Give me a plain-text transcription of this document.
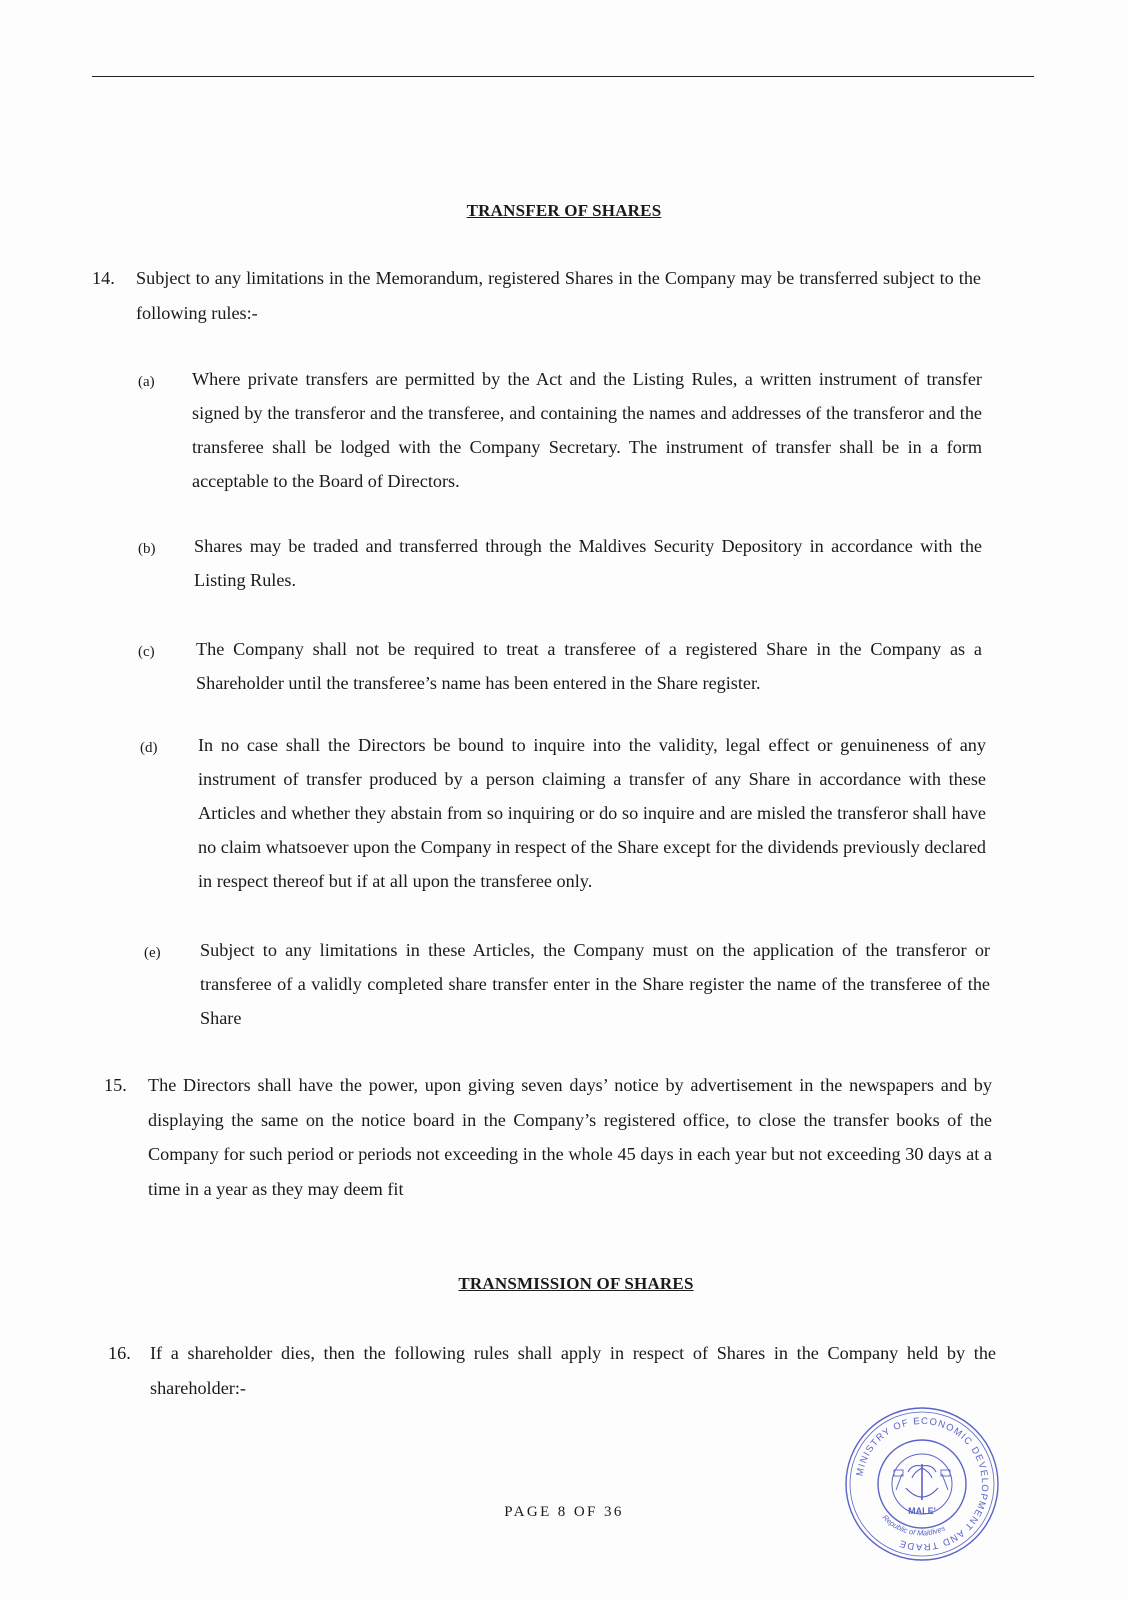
TRANSFER OF SHARES
14. Subject to any limitations in the Memorandum, registered Shares in the Company may be transferred subject to the following rules:-
(a) Where private transfers are permitted by the Act and the Listing Rules, a written instrument of transfer signed by the transferor and the transferee, and containing the names and addresses of the transferor and the transferee shall be lodged with the Company Secretary. The instrument of transfer shall be in a form acceptable to the Board of Directors.
(b) Shares may be traded and transferred through the Maldives Security Depository in accordance with the Listing Rules.
(c) The Company shall not be required to treat a transferee of a registered Share in the Company as a Shareholder until the transferee’s name has been entered in the Share register.
(d) In no case shall the Directors be bound to inquire into the validity, legal effect or genuineness of any instrument of transfer produced by a person claiming a transfer of any Share in accordance with these Articles and whether they abstain from so inquiring or do so inquire and are misled the transferor shall have no claim whatsoever upon the Company in respect of the Share except for the dividends previously declared in respect thereof but if at all upon the transferee only.
(e) Subject to any limitations in these Articles, the Company must on the application of the transferor or transferee of a validly completed share transfer enter in the Share register the name of the transferee of the Share
15. The Directors shall have the power, upon giving seven days’ notice by advertisement in the newspapers and by displaying the same on the notice board in the Company’s registered office, to close the transfer books of the Company for such period or periods not exceeding in the whole 45 days in each year but not exceeding 30 days at a time in a year as they may deem fit
TRANSMISSION OF SHARES
16. If a shareholder dies, then the following rules shall apply in respect of Shares in the Company held by the shareholder:-
PAGE 8 OF 36
MINISTRY OF ECONOMIC DEVELOPMENT AND TRADE
Republic of Maldives
MALE'
